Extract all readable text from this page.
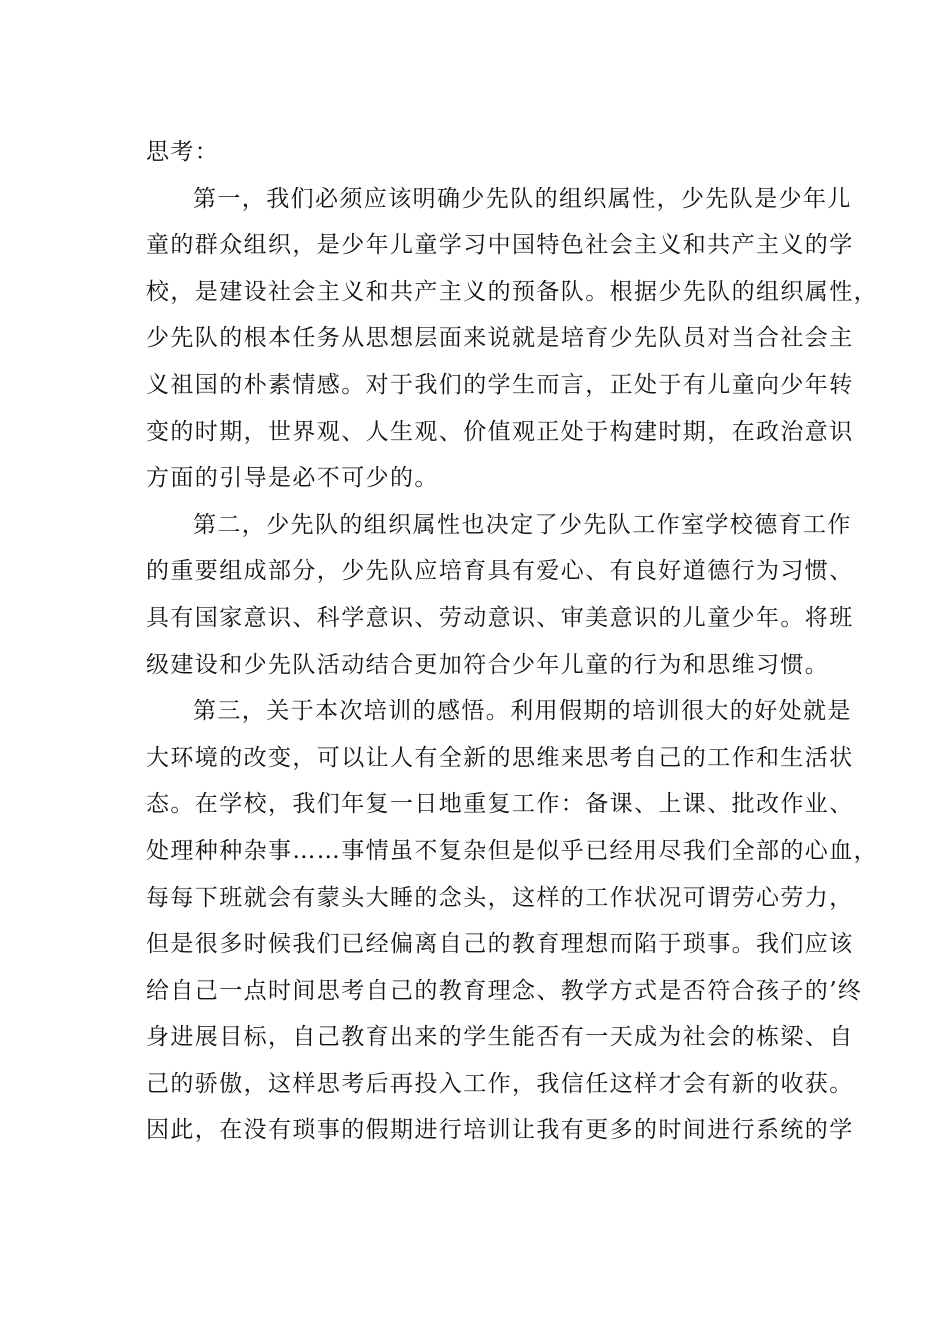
思考：
第一，我们必须应该明确少先队的组织属性，少先队是少年儿
童的群众组织，是少年儿童学习中国特色社会主义和共产主义的学
校，是建设社会主义和共产主义的预备队。根据少先队的组织属性，
少先队的根本任务从思想层面来说就是培育少先队员对当合社会主
义祖国的朴素情感。对于我们的学生而言，正处于有儿童向少年转
变的时期，世界观、人生观、价值观正处于构建时期，在政治意识
方面的引导是必不可少的。
第二，少先队的组织属性也决定了少先队工作室学校德育工作
的重要组成部分，少先队应培育具有爱心、有良好道德行为习惯、
具有国家意识、科学意识、劳动意识、审美意识的儿童少年。将班
级建设和少先队活动结合更加符合少年儿童的行为和思维习惯。
第三，关于本次培训的感悟。利用假期的培训很大的好处就是
大环境的改变，可以让人有全新的思维来思考自己的工作和生活状
态。在学校，我们年复一日地重复工作：备课、上课、批改作业、
处理种种杂事……事情虽不复杂但是似乎已经用尽我们全部的心血，
每每下班就会有蒙头大睡的念头，这样的工作状况可谓劳心劳力，
但是很多时候我们已经偏离自己的教育理想而陷于琐事。我们应该
给自己一点时间思考自己的教育理念、教学方式是否符合孩子的’终
身进展目标，自己教育出来的学生能否有一天成为社会的栋梁、自
己的骄傲，这样思考后再投入工作，我信任这样才会有新的收获。
因此，在没有琐事的假期进行培训让我有更多的时间进行系统的学
